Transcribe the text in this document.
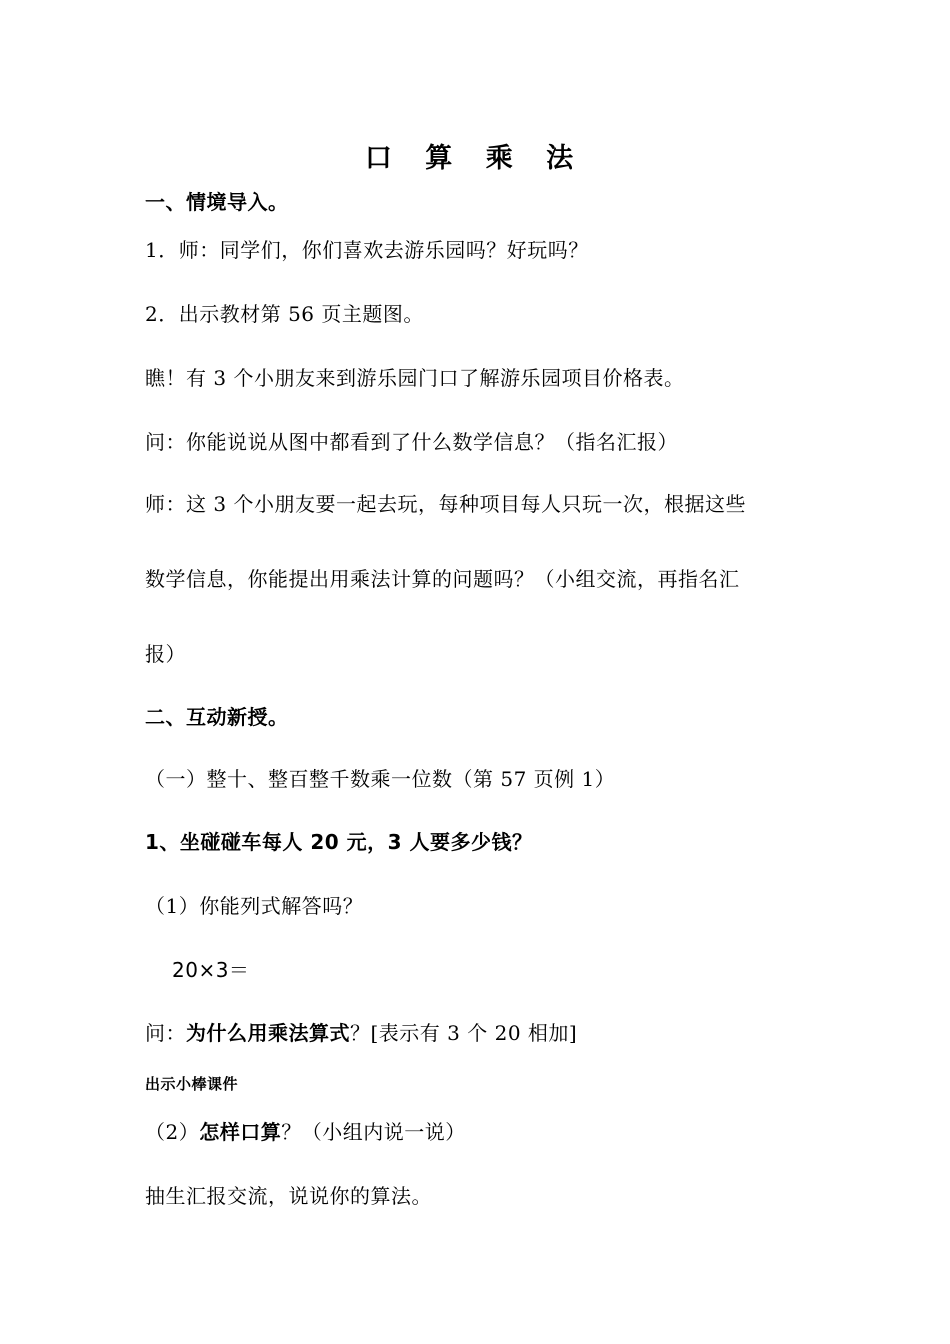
口 算 乘 法
一、情境导入。
1．师：同学们，你们喜欢去游乐园吗？好玩吗？
2．出示教材第 56 页主题图。
瞧！有 3 个小朋友来到游乐园门口了解游乐园项目价格表。
问：你能说说从图中都看到了什么数学信息？（指名汇报）
师：这 3 个小朋友要一起去玩，每种项目每人只玩一次，根据这些
数学信息，你能提出用乘法计算的问题吗？（小组交流，再指名汇
报）
二、互动新授。
（一）整十、整百整千数乘一位数（第 57 页例 1）
1、坐碰碰车每人 20 元，3 人要多少钱？
（1）你能列式解答吗？
20×3＝
问：为什么用乘法算式？[表示有 3 个 20 相加]
出示小棒课件
（2）怎样口算？（小组内说一说）
抽生汇报交流，说说你的算法。
